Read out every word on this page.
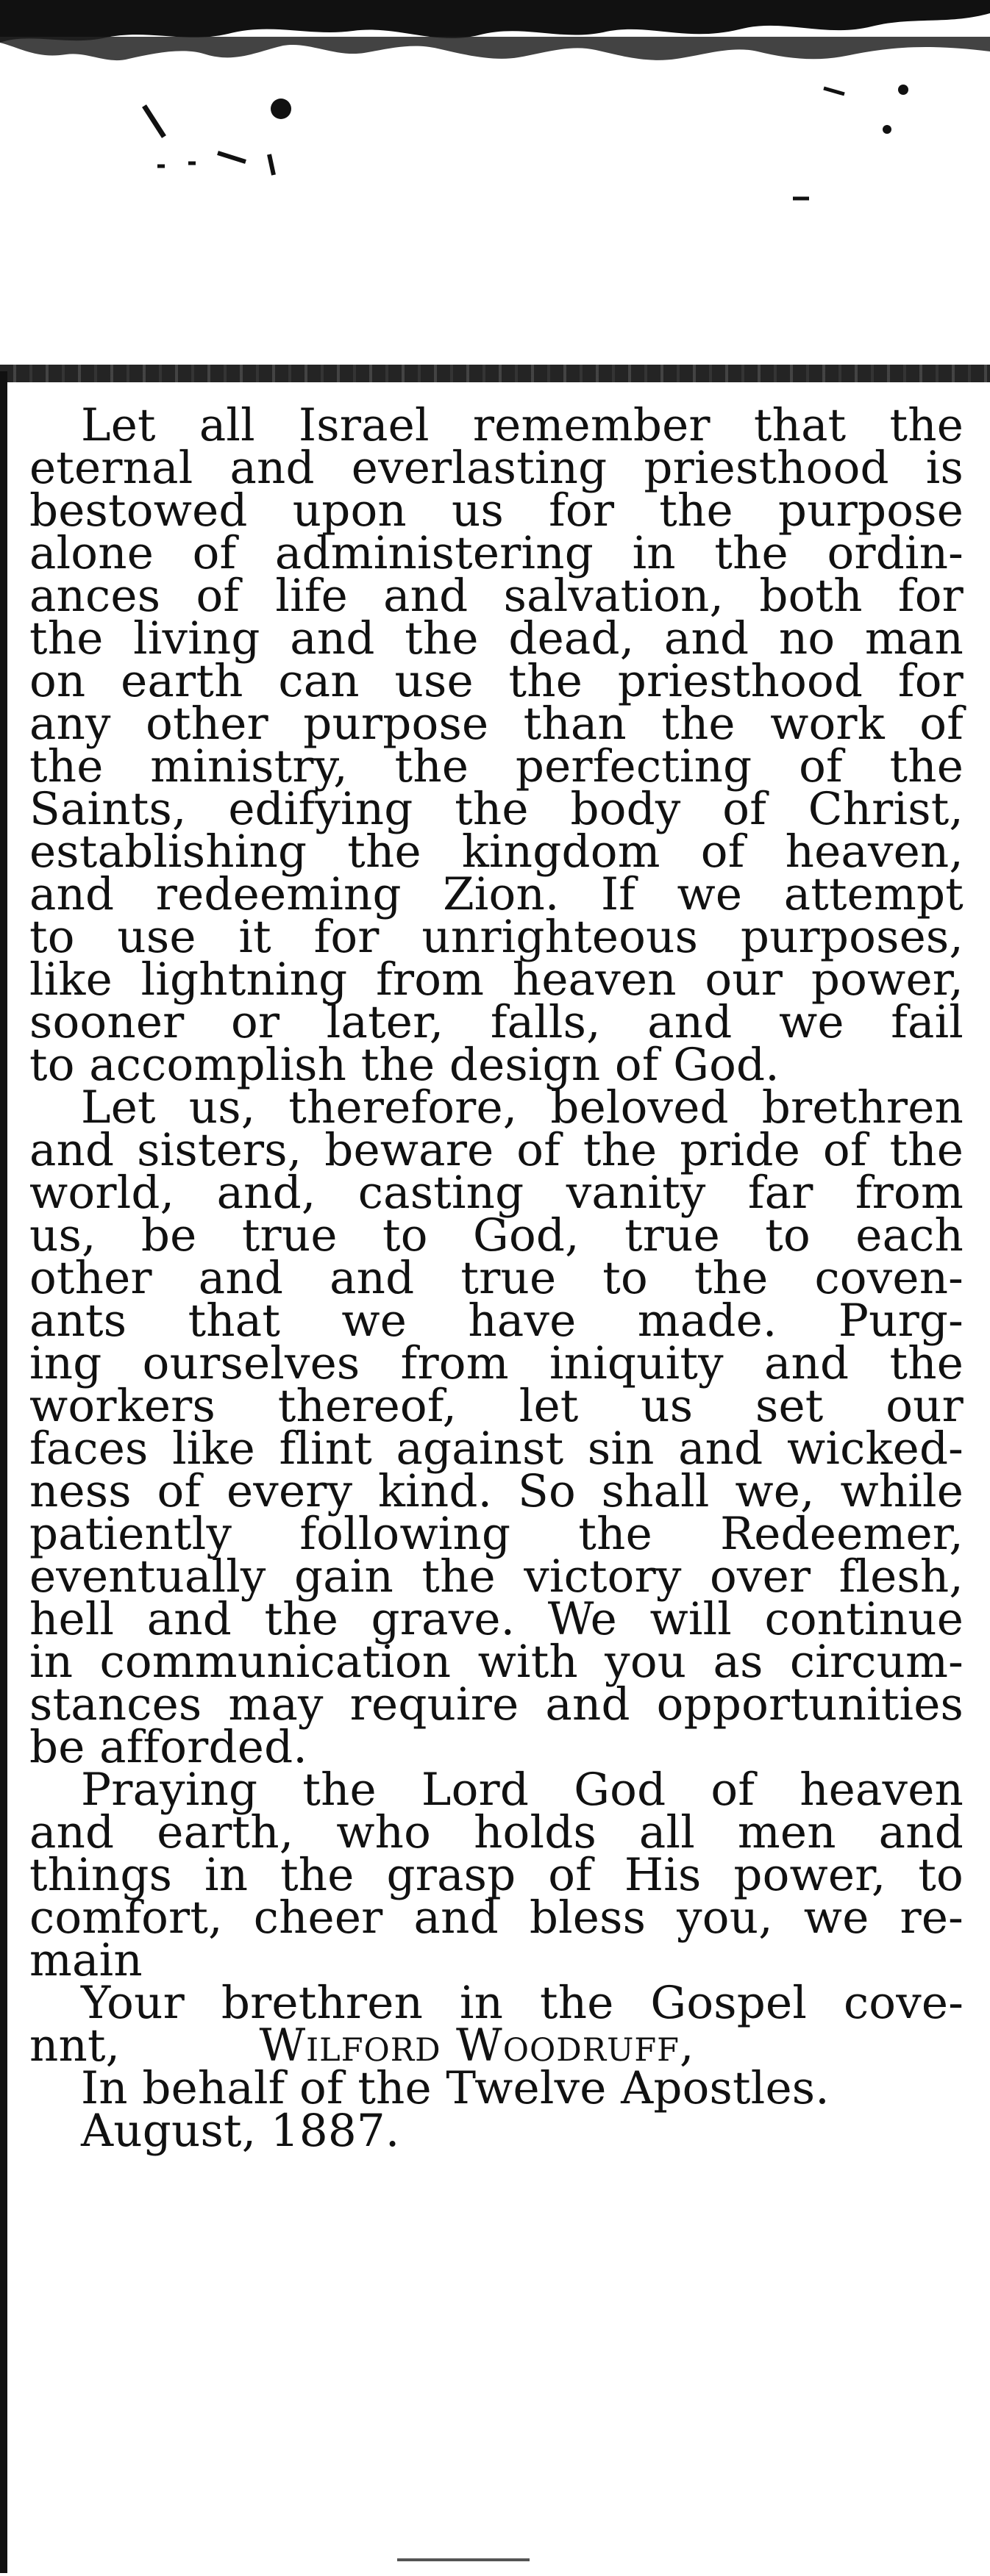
Let all Israel remember that the
eternal and everlasting priesthood is
bestowed upon us for the purpose
alone of administering in the ordin-
ances of life and salvation, both for
the living and the dead, and no man
on earth can use the priesthood for
any other purpose than the work of
the ministry, the perfecting of the
Saints, edifying the body of Christ,
establishing the kingdom of heaven,
and redeeming Zion. If we attempt
to use it for unrighteous purposes,
like lightning from heaven our power,
sooner or later, falls, and we fail
to accomplish the design of God.
Let us, therefore, beloved brethren
and sisters, beware of the pride of the
world, and, casting vanity far from
us, be true to God, true to each
other and and true to the coven-
ants that we have made. Purg-
ing ourselves from iniquity and the
workers thereof, let us set our
faces like flint against sin and wicked-
ness of every kind. So shall we, while
patiently following the Redeemer,
eventually gain the victory over flesh,
hell and the grave. We will continue
in communication with you as circum-
stances may require and opportunities
be afforded.
Praying the Lord God of heaven
and earth, who holds all men and
things in the grasp of His power, to
comfort, cheer and bless you, we re-
main
Your brethren in the Gospel cove-
nnt,	Wilford Woodruff,
In behalf of the Twelve Apostles.
August, 1887.
